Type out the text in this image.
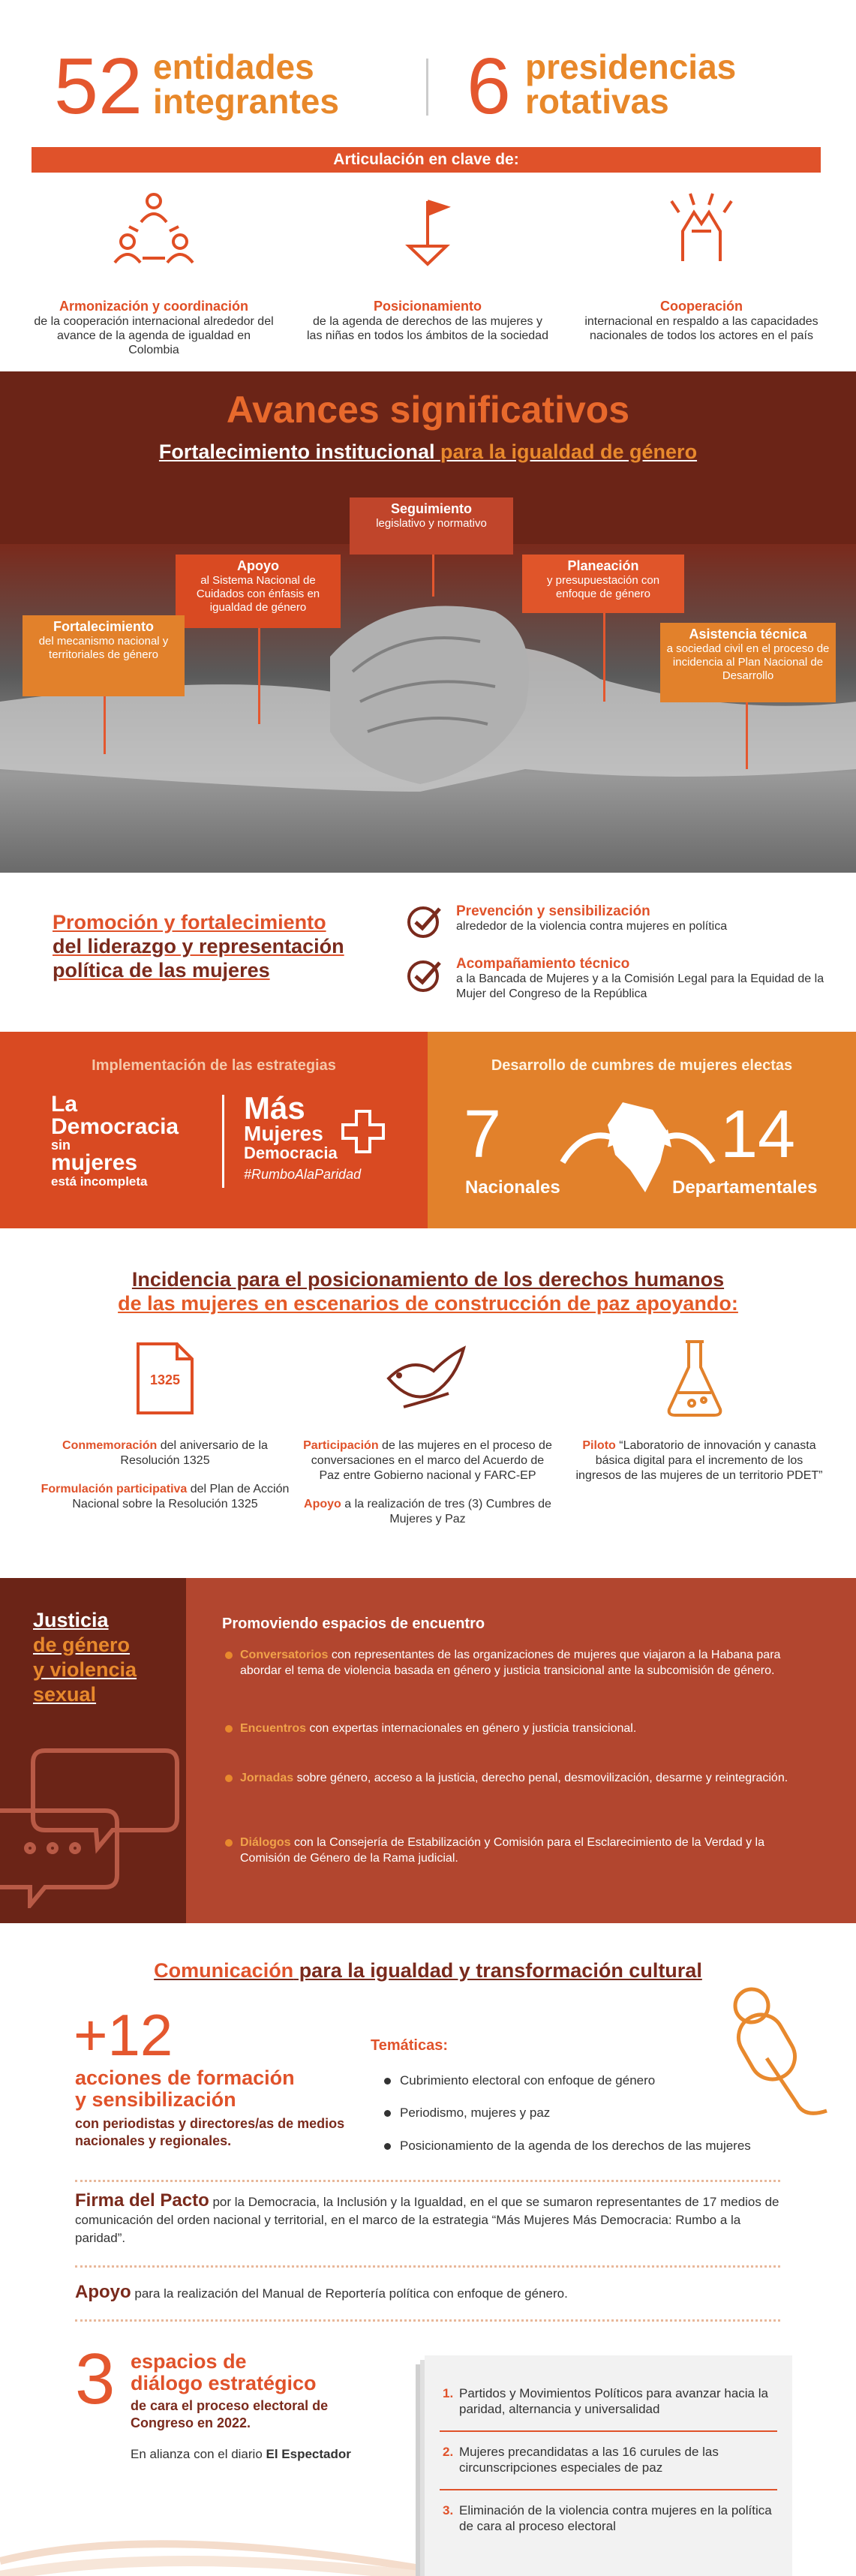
52 entidades
integrantes 6 presidencias
rotativas
Articulación en clave de:
Armonización y coordinación
de la cooperación internacional alrededor del avance de la agenda de igualdad en Colombia
Posicionamiento
de la agenda de derechos de las mujeres y las niñas en todos los ámbitos de la sociedad
Cooperación
internacional en respaldo a las capacidades nacionales de todos los actores en el país
Avances significativos
Fortalecimiento institucional para la igualdad de género
Seguimiento
legislativo y normativo
Apoyo
al Sistema Nacional de Cuidados con énfasis en igualdad de género
Planeación
y presupuestación con enfoque de género
Fortalecimiento
del mecanismo nacional y territoriales de género
Asistencia técnica
a sociedad civil en el proceso de incidencia al Plan Nacional de Desarrollo
Promoción y fortalecimiento
del liderazgo y representación
política de las mujeres
Prevención y sensibilización
alrededor de la violencia contra mujeres en política
Acompañamiento técnico
a la Bancada de Mujeres y a la Comisión Legal para la Equidad de la Mujer del Congreso de la República
Implementación de las estrategias
La
Democracia
sin
mujeres
está incompleta
Más
Mujeres
Democracia
#RumboAlaParidad
Desarrollo de cumbres de mujeres electas
7
Nacionales
14
Departamentales
Incidencia para el posicionamiento de los derechos humanos
de las mujeres en escenarios de construcción de paz apoyando:
1325
Conmemoración del aniversario de la Resolución 1325
Formulación participativa del Plan de Acción Nacional sobre la Resolución 1325
Participación de las mujeres en el proceso de conversaciones en el marco del Acuerdo de Paz entre Gobierno nacional y FARC-EP
Apoyo a la realización de tres (3) Cumbres de Mujeres y Paz
Piloto “Laboratorio de innovación y canasta básica digital para el incremento de los ingresos de las mujeres de un territorio PDET”
Justicia
de género
y violencia
sexual
Promoviendo espacios de encuentro
Conversatorios con representantes de las organizaciones de mujeres que viajaron a la Habana para abordar el tema de violencia basada en género y justicia transicional ante la subcomisión de género.
Encuentros con expertas internacionales en género y justicia transicional.
Jornadas sobre género, acceso a la justicia, derecho penal, desmovilización, desarme y reintegración.
Diálogos con la Consejería de Estabilización y Comisión para el Esclarecimiento de la Verdad y la Comisión de Género de la Rama judicial.
Comunicación para la igualdad y transformación cultural
+12
acciones de formación
y sensibilización
con periodistas y directores/as de medios nacionales y regionales.
Temáticas:
Cubrimiento electoral con enfoque de género
Periodismo, mujeres y paz
Posicionamiento de la agenda de los derechos de las mujeres
Firma del Pacto por la Democracia, la Inclusión y la Igualdad, en el que se sumaron representantes de 17 medios de comunicación del orden nacional y territorial, en el marco de la estrategia “Más Mujeres Más Democracia: Rumbo a la paridad”.
Apoyo para la realización del Manual de Reportería política con enfoque de género.
3 espacios de
diálogo estratégico
de cara el proceso electoral de Congreso en 2022.
En alianza con el diario El Espectador
1. Partidos y Movimientos Políticos para avanzar hacia la paridad, alternancia y universalidad
2. Mujeres precandidatas a las 16 curules de las circunscripciones especiales de paz
3. Eliminación de la violencia contra mujeres en la política de cara al proceso electoral
